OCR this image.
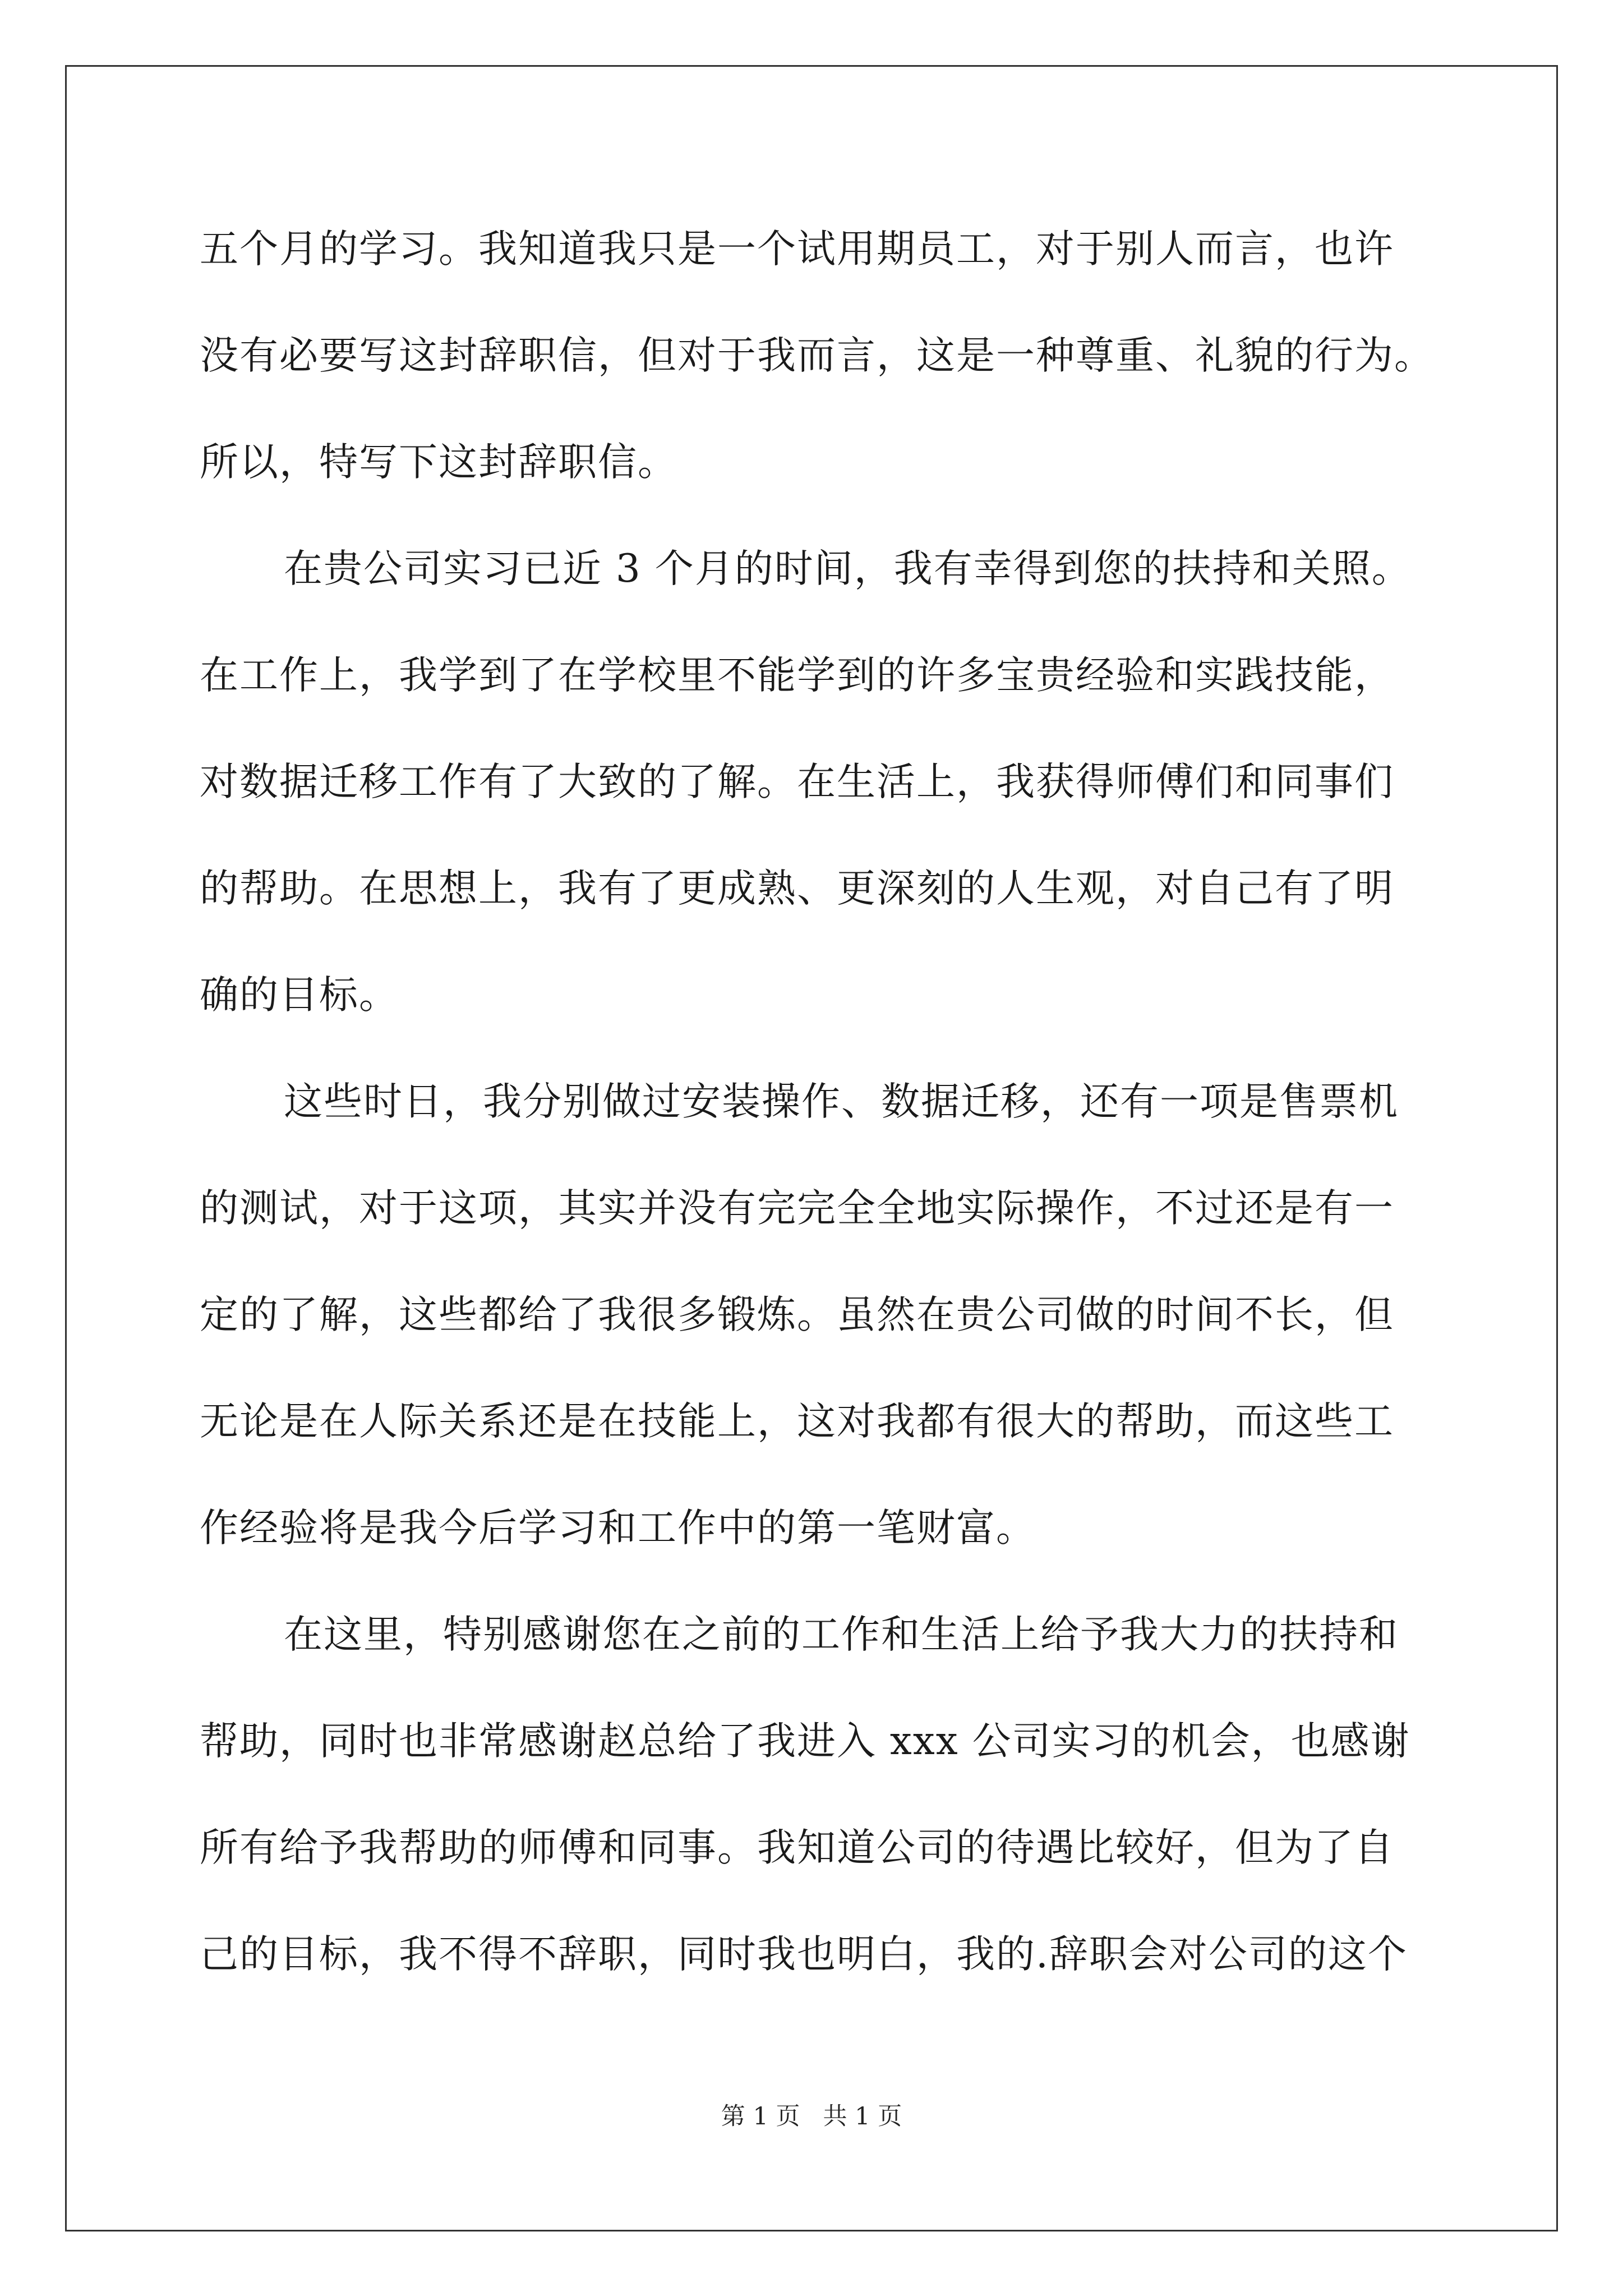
五个月的学习。我知道我只是一个试用期员工，对于别人而言，也许
没有必要写这封辞职信，但对于我而言，这是一种尊重、礼貌的行为。
所以，特写下这封辞职信。
在贵公司实习已近 3 个月的时间，我有幸得到您的扶持和关照。
在工作上，我学到了在学校里不能学到的许多宝贵经验和实践技能，
对数据迁移工作有了大致的了解。在生活上，我获得师傅们和同事们
的帮助。在思想上，我有了更成熟、更深刻的人生观，对自己有了明
确的目标。
这些时日，我分别做过安装操作、数据迁移，还有一项是售票机
的测试，对于这项，其实并没有完完全全地实际操作，不过还是有一
定的了解，这些都给了我很多锻炼。虽然在贵公司做的时间不长，但
无论是在人际关系还是在技能上，这对我都有很大的帮助，而这些工
作经验将是我今后学习和工作中的第一笔财富。
在这里，特别感谢您在之前的工作和生活上给予我大力的扶持和
帮助，同时也非常感谢赵总给了我进入 xxx 公司实习的机会，也感谢
所有给予我帮助的师傅和同事。我知道公司的待遇比较好，但为了自
己的目标，我不得不辞职，同时我也明白，我的.辞职会对公司的这个
第 1 页 共 1 页
